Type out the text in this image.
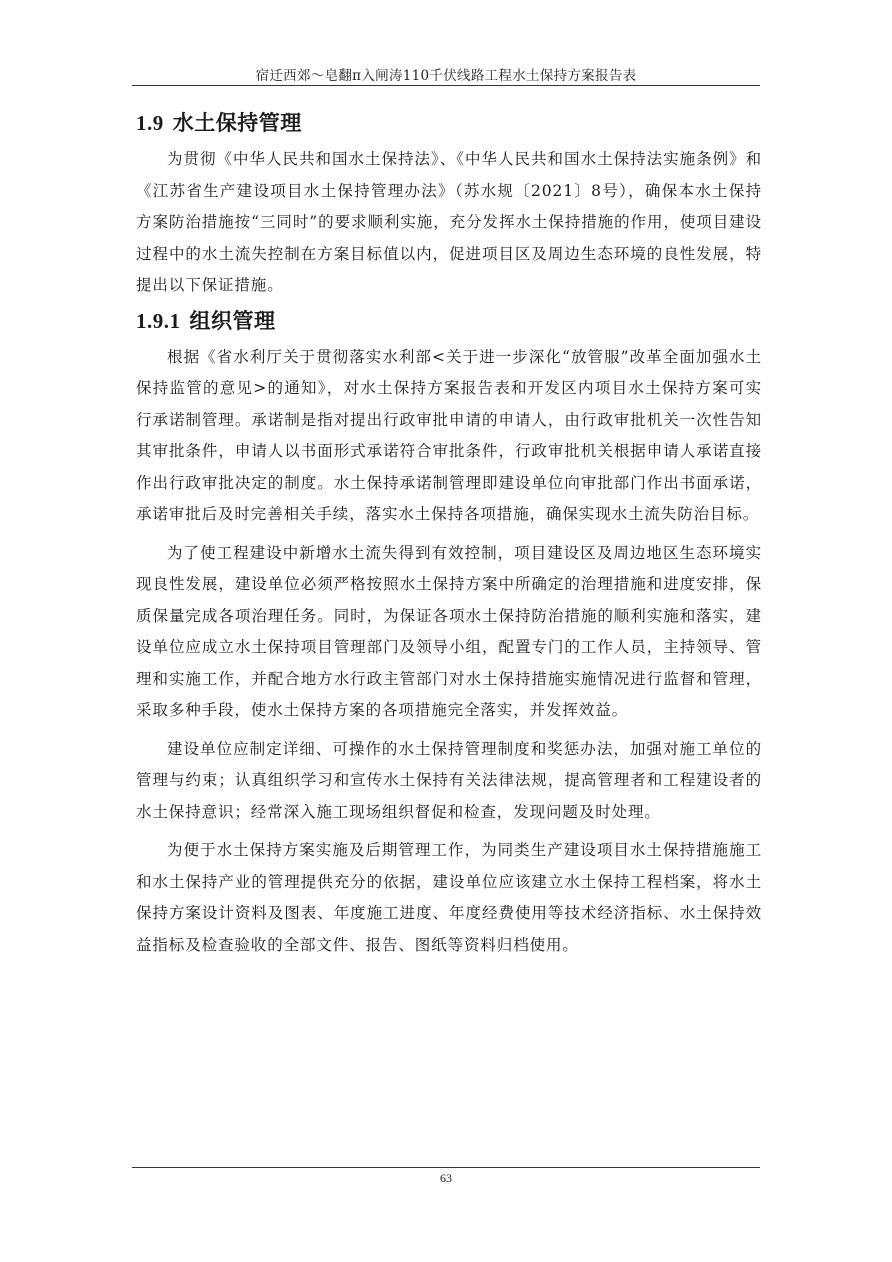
宿迁西郊～皂翻π入闸涛110千伏线路工程水土保持方案报告表
1.9 水土保持管理

为贯彻《中华人民共和国水土保持法》、《中华人民共和国水土保持法实施条例》和《江苏省生产建设项目水土保持管理办法》（苏水规〔2021〕8号），确保本水土保持方案防治措施按“三同时”的要求顺利实施，充分发挥水土保持措施的作用，使项目建设过程中的水土流失控制在方案目标值以内，促进项目区及周边生态环境的良性发展，特提出以下保证措施。

1.9.1 组织管理

根据《省水利厅关于贯彻落实水利部<关于进一步深化“放管服”改革全面加强水土保持监管的意见>的通知》，对水土保持方案报告表和开发区内项目水土保持方案可实行承诺制管理。承诺制是指对提出行政审批申请的申请人，由行政审批机关一次性告知其审批条件，申请人以书面形式承诺符合审批条件，行政审批机关根据申请人承诺直接作出行政审批决定的制度。水土保持承诺制管理即建设单位向审批部门作出书面承诺，承诺审批后及时完善相关手续，落实水土保持各项措施，确保实现水土流失防治目标。

为了使工程建设中新增水土流失得到有效控制，项目建设区及周边地区生态环境实现良性发展，建设单位必须严格按照水土保持方案中所确定的治理措施和进度安排，保质保量完成各项治理任务。同时，为保证各项水土保持防治措施的顺利实施和落实，建设单位应成立水土保持项目管理部门及领导小组，配置专门的工作人员，主持领导、管理和实施工作，并配合地方水行政主管部门对水土保持措施实施情况进行监督和管理，采取多种手段，使水土保持方案的各项措施完全落实，并发挥效益。

建设单位应制定详细、可操作的水土保持管理制度和奖惩办法，加强对施工单位的管理与约束；认真组织学习和宣传水土保持有关法律法规，提高管理者和工程建设者的水土保持意识；经常深入施工现场组织督促和检查，发现问题及时处理。

为便于水土保持方案实施及后期管理工作，为同类生产建设项目水土保持措施施工和水土保持产业的管理提供充分的依据，建设单位应该建立水土保持工程档案，将水土保持方案设计资料及图表、年度施工进度、年度经费使用等技术经济指标、水土保持效益指标及检查验收的全部文件、报告、图纸等资料归档使用。

63
